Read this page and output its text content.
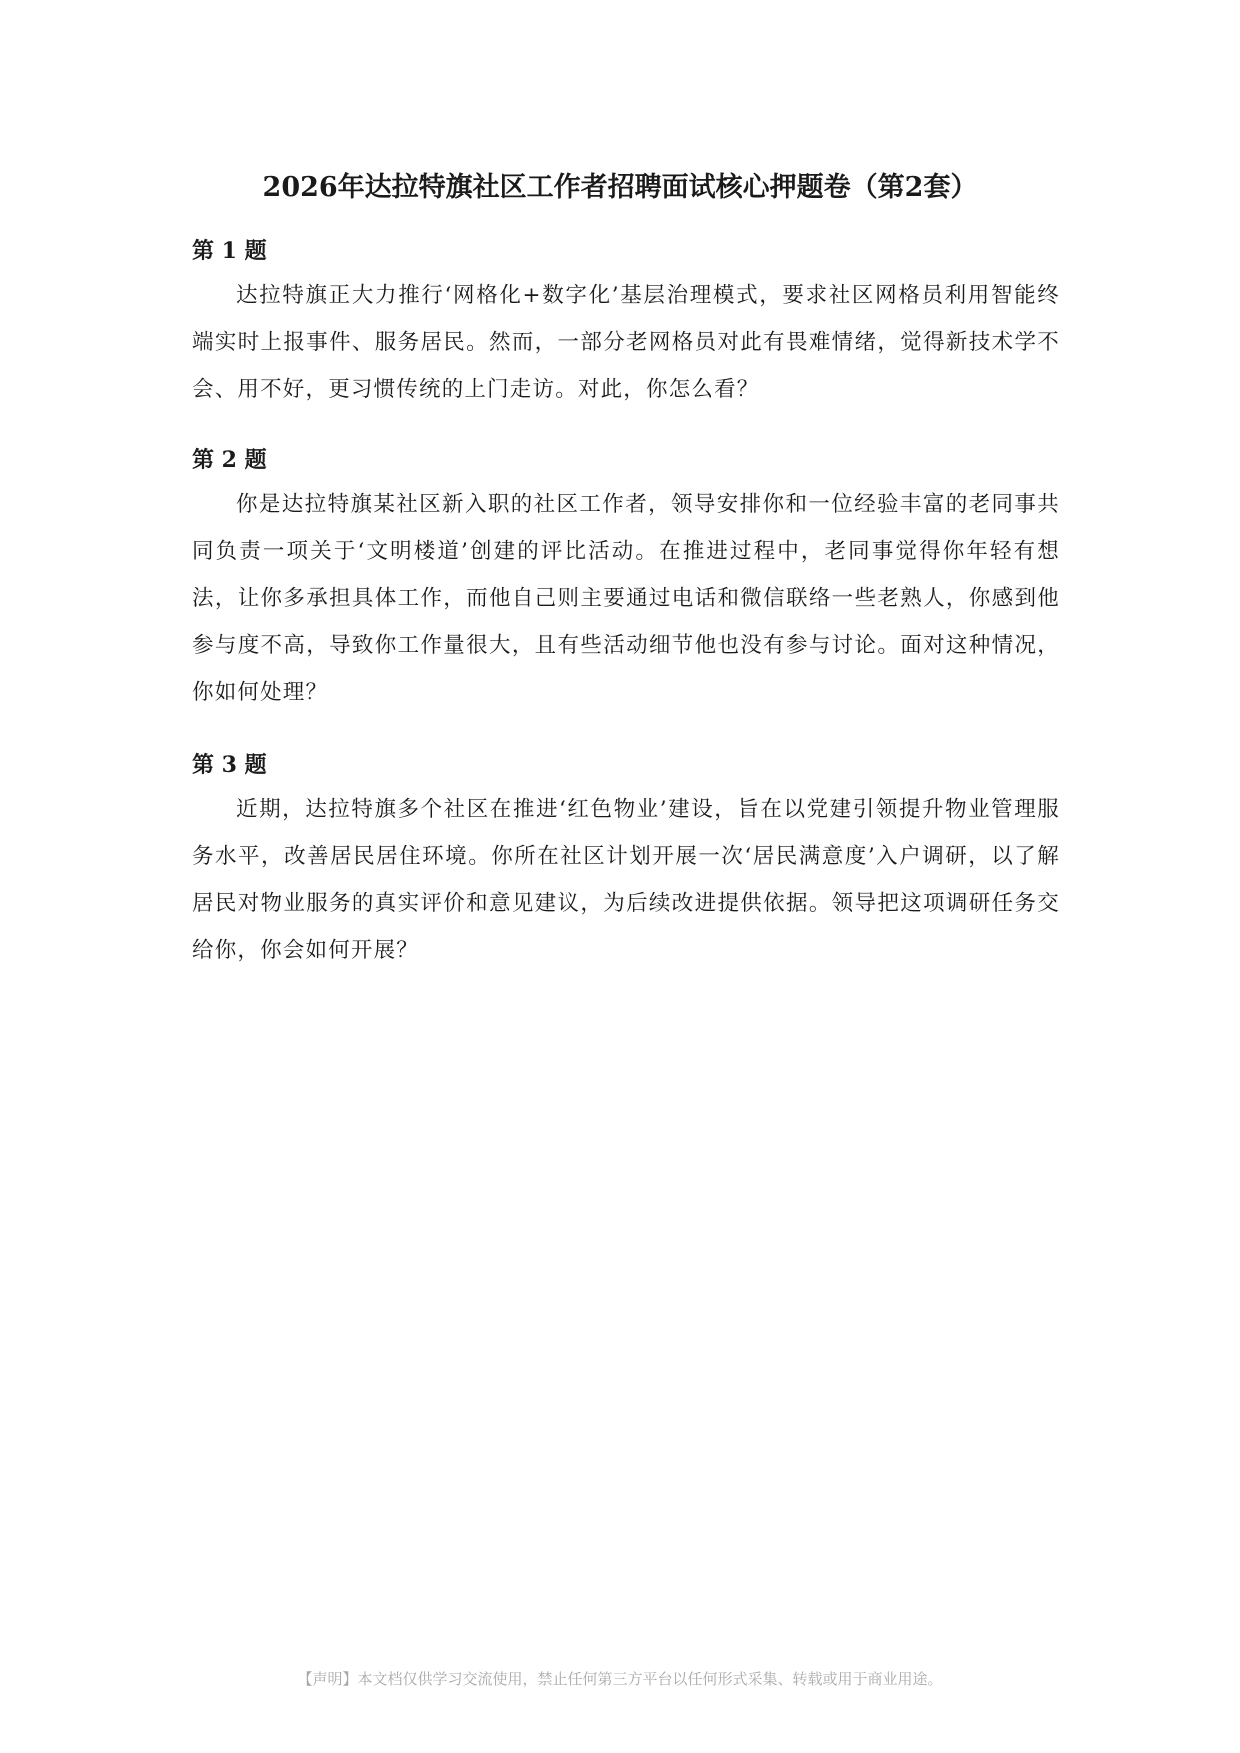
2026年达拉特旗社区工作者招聘面试核心押题卷（第2套）

第 1 题

达拉特旗正大力推行‘网格化+数字化’基层治理模式，要求社区网格员利用智能终端实时上报事件、服务居民。然而，一部分老网格员对此有畏难情绪，觉得新技术学不会、用不好，更习惯传统的上门走访。对此，你怎么看？

第 2 题

你是达拉特旗某社区新入职的社区工作者，领导安排你和一位经验丰富的老同事共同负责一项关于‘文明楼道’创建的评比活动。在推进过程中，老同事觉得你年轻有想法，让你多承担具体工作，而他自己则主要通过电话和微信联络一些老熟人，你感到他参与度不高，导致你工作量很大，且有些活动细节他也没有参与讨论。面对这种情况，你如何处理？

第 3 题

近期，达拉特旗多个社区在推进‘红色物业’建设，旨在以党建引领提升物业管理服务水平，改善居民居住环境。你所在社区计划开展一次‘居民满意度’入户调研，以了解居民对物业服务的真实评价和意见建议，为后续改进提供依据。领导把这项调研任务交给你，你会如何开展？

【声明】本文档仅供学习交流使用，禁止任何第三方平台以任何形式采集、转载或用于商业用途。
